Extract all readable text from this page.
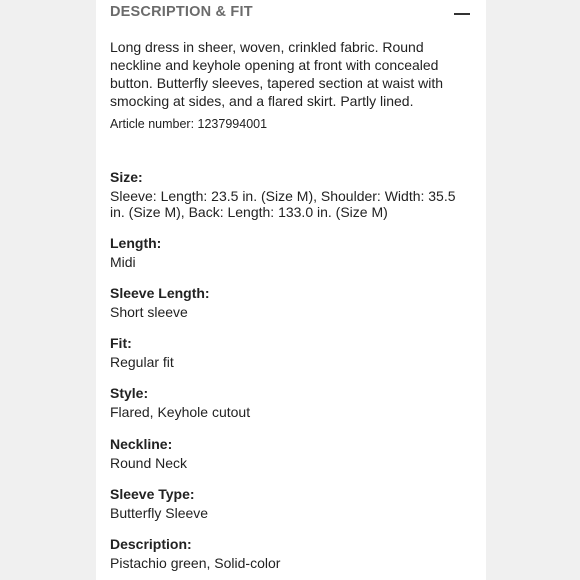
DESCRIPTION & FIT
Long dress in sheer, woven, crinkled fabric. Round neckline and keyhole opening at front with concealed button. Butterfly sleeves, tapered section at waist with smocking at sides, and a flared skirt. Partly lined.
Article number: 1237994001
Size:
Sleeve: Length: 23.5 in. (Size M), Shoulder: Width: 35.5 in. (Size M), Back: Length: 133.0 in. (Size M)
Length:
Midi
Sleeve Length:
Short sleeve
Fit:
Regular fit
Style:
Flared, Keyhole cutout
Neckline:
Round Neck
Sleeve Type:
Butterfly Sleeve
Description:
Pistachio green, Solid-color
